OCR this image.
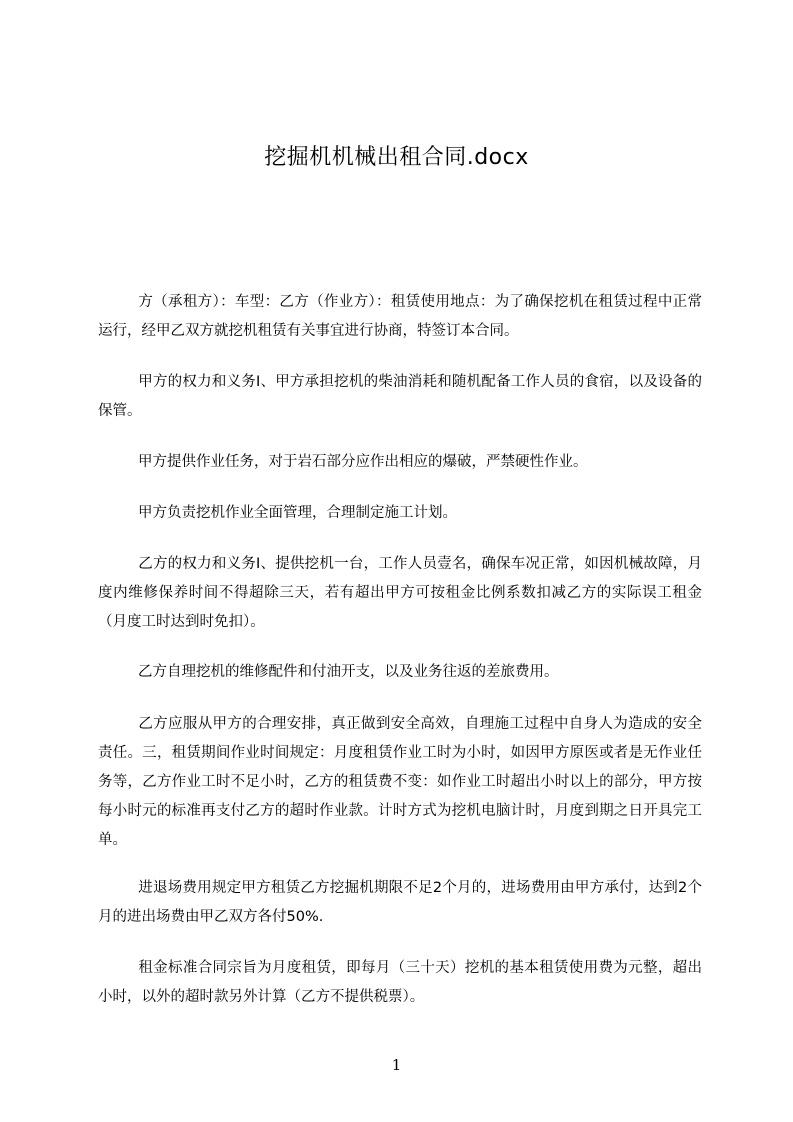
挖掘机机械出租合同.docx
方（承租方）：车型：乙方（作业方）：租赁使用地点：为了确保挖机在租赁过程中正常运行，经甲乙双方就挖机租赁有关事宜进行协商，特签订本合同。
甲方的权力和义务Ⅰ、甲方承担挖机的柴油消耗和随机配备工作人员的食宿，以及设备的保管。
甲方提供作业任务，对于岩石部分应作出相应的爆破，严禁硬性作业。
甲方负责挖机作业全面管理，合理制定施工计划。
乙方的权力和义务Ⅰ、提供挖机一台，工作人员壹名，确保车况正常，如因机械故障，月度内维修保养时间不得超除三天，若有超出甲方可按租金比例系数扣减乙方的实际误工租金（月度工时达到时免扣）。
乙方自理挖机的维修配件和付油开支，以及业务往返的差旅费用。
乙方应服从甲方的合理安排，真正做到安全高效，自理施工过程中自身人为造成的安全责任。三，租赁期间作业时间规定：月度租赁作业工时为小时，如因甲方原医或者是无作业任务等，乙方作业工时不足小时，乙方的租赁费不变：如作业工时超出小时以上的部分，甲方按每小时元的标准再支付乙方的超时作业款。计时方式为挖机电脑计时，月度到期之日开具完工单。
进退场费用规定甲方租赁乙方挖掘机期限不足2个月的，进场费用由甲方承付，达到2个月的进出场费由甲乙双方各付50%.
租金标准合同宗旨为月度租赁，即每月（三十天）挖机的基本租赁使用费为元整，超出小时，以外的超时款另外计算（乙方不提供税票）。
1
